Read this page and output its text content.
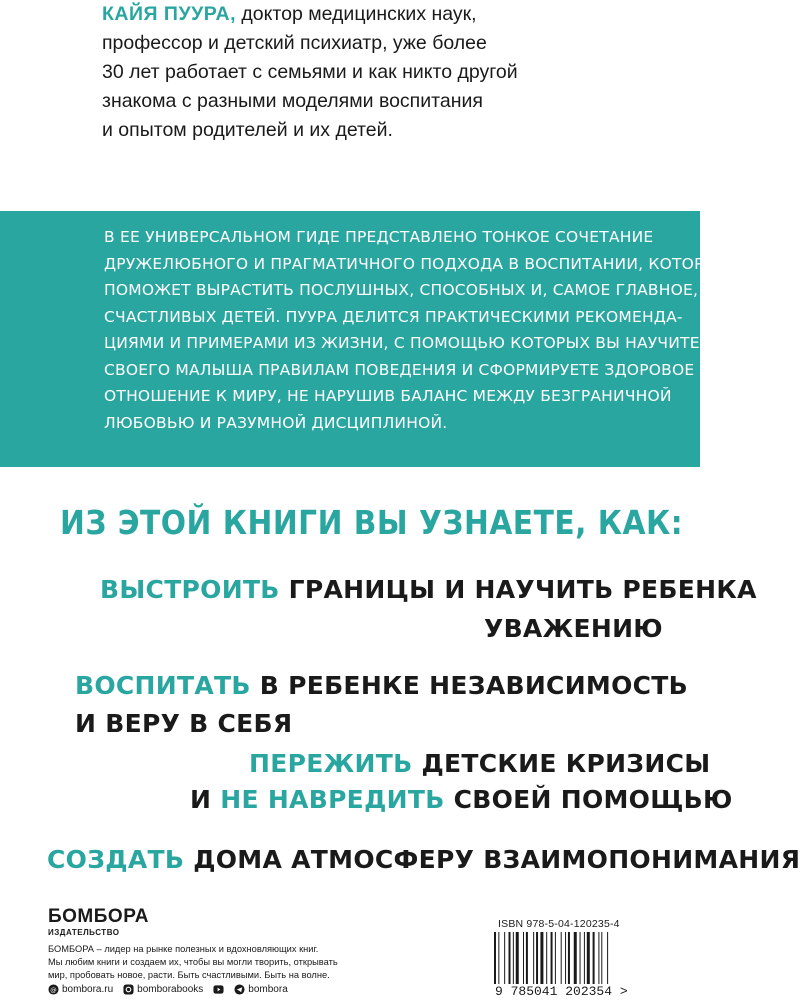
КАЙЯ ПУУРА, доктор медицинских наук,
профессор и детский психиатр, уже более
30 лет работает с семьями и как никто другой
знакома с разными моделями воспитания
и опытом родителей и их детей.
В ЕЕ УНИВЕРСАЛЬНОМ ГИДЕ ПРЕДСТАВЛЕНО ТОНКОЕ СОЧЕТАНИЕ
ДРУЖЕЛЮБНОГО И ПРАГМАТИЧНОГО ПОДХОДА В ВОСПИТАНИИ, КОТОРЫЙ
ПОМОЖЕТ ВЫРАСТИТЬ ПОСЛУШНЫХ, СПОСОБНЫХ И, САМОЕ ГЛАВНОЕ,
СЧАСТЛИВЫХ ДЕТЕЙ. ПУУРА ДЕЛИТСЯ ПРАКТИЧЕСКИМИ РЕКОМЕНДА-
ЦИЯМИ И ПРИМЕРАМИ ИЗ ЖИЗНИ, С ПОМОЩЬЮ КОТОРЫХ ВЫ НАУЧИТЕ
СВОЕГО МАЛЫША ПРАВИЛАМ ПОВЕДЕНИЯ И СФОРМИРУЕТЕ ЗДОРОВОЕ
ОТНОШЕНИЕ К МИРУ, НЕ НАРУШИВ БАЛАНС МЕЖДУ БЕЗГРАНИЧНОЙ
ЛЮБОВЬЮ И РАЗУМНОЙ ДИСЦИПЛИНОЙ.
ИЗ ЭТОЙ КНИГИ ВЫ УЗНАЕТЕ, КАК:
ВЫСТРОИТЬ ГРАНИЦЫ И НАУЧИТЬ РЕБЕНКА
УВАЖЕНИЮ
ВОСПИТАТЬ В РЕБЕНКЕ НЕЗАВИСИМОСТЬ
И ВЕРУ В СЕБЯ
ПЕРЕЖИТЬ ДЕТСКИЕ КРИЗИСЫ
И НЕ НАВРЕДИТЬ СВОЕЙ ПОМОЩЬЮ
СОЗДАТЬ ДОМА АТМОСФЕРУ ВЗАИМОПОНИМАНИЯ
БОМБОРА
ИЗДАТЕЛЬСТВО
БОМБОРА – лидер на рынке полезных и вдохновляющих книг.
Мы любим книги и создаем их, чтобы вы могли творить, открывать
мир, пробовать новое, расти. Быть счастливыми. Быть на волне.
@ bombora.ru bomborabooks	bombora
ISBN 978-5-04-120235-4
9 785041 202354 >
